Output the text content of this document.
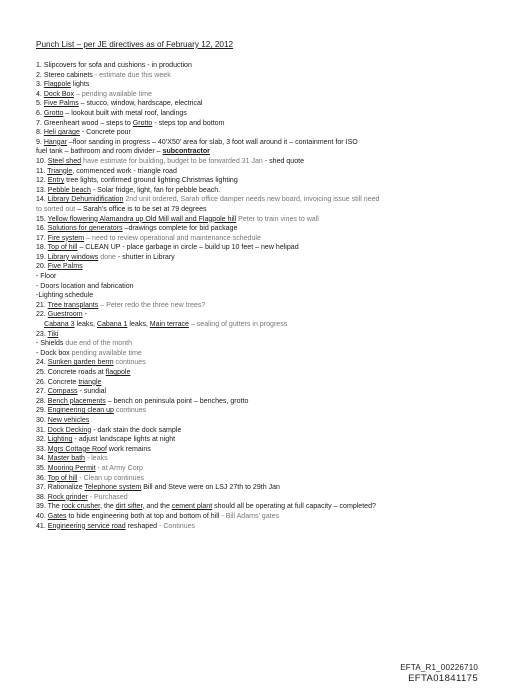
Punch List – per JE directives as of February 12, 2012
1. Slipcovers for sofa and cushions - in production
2. Stereo cabinets - estimate due this week
3. Flagpole lights
4. Dock Box – pending available time
5. Five Palms – stucco, window, hardscape, electrical
6. Grotto – lookout built with metal roof, landings
7. Greenheart wood – steps to Grotto - steps top and bottom
8. Heli garage - Concrete pour
9. Hangar –floor sanding in progress – 40’X50’ area for slab, 3 foot wall around it – containment for ISO
fuel tank – bathroom and room divider – subcontractor
10. Steel shed have estimate for building, budget to be forwarded 31 Jan - shed quote
11. Triangle, commenced work - triangle road
12. Entry tree lights, confirmed ground lighting Christmas lighting
13. Pebble beach - Solar fridge, light, fan for pebble beach.
14. Library Dehumidification 2nd unit ordered, Sarah office damper needs new board, invoicing issue still need
to sorted out – Sarah’s office is to be set at 79 degrees
15. Yellow flowering Alamandra up Old Mill wall and Flagpole hill Peter to train vines to wall
16. Solutions for generators –drawings complete for bid package
17. Fire system – need to review operational and maintenance schedule
18. Top of hill – CLEAN UP - place garbage in circle – build up 10 feet – new helipad
19. Library windows done - shutter in Library
20. Five Palms
- Floor
- Doors location and fabrication
-Lighting schedule
21. Tree transplants – Peter redo the three new trees?
22. Guestroom -
Cabana 3 leaks, Cabana 1 leaks, Main terrace – sealing of gutters in progress
23. Tiki
- Shields due end of the month
- Dock box pending available time
24. Sunken garden berm continues
25. Concrete roads at flagpole
26. Concrete triangle
27. Compass - sundial
28. Bench placements – bench on peninsula point – benches, grotto
29. Engineering clean up continues
30. New vehicles
31. Dock Decking - dark stain the dock sample
32. Lighting - adjust landscape lights at night
33. Mgrs Cottage Roof work remains
34. Master bath - leaks
35. Mooring Permit - at Army Corp
36. Top of hill - Clean up continues
37. Rationalize Telephone system Bill and Steve were on LSJ 27th to 29th Jan
38. Rock grinder - Purchased
39. The rock crusher, the dirt sifter, and the cement plant should all be operating at full capacity – completed?
40. Gates to hide engineering both at top and bottom of hill - Bill Adams’ gates
41. Engineering service road reshaped - Continues
EFTA_R1_00226710
EFTA01841175
